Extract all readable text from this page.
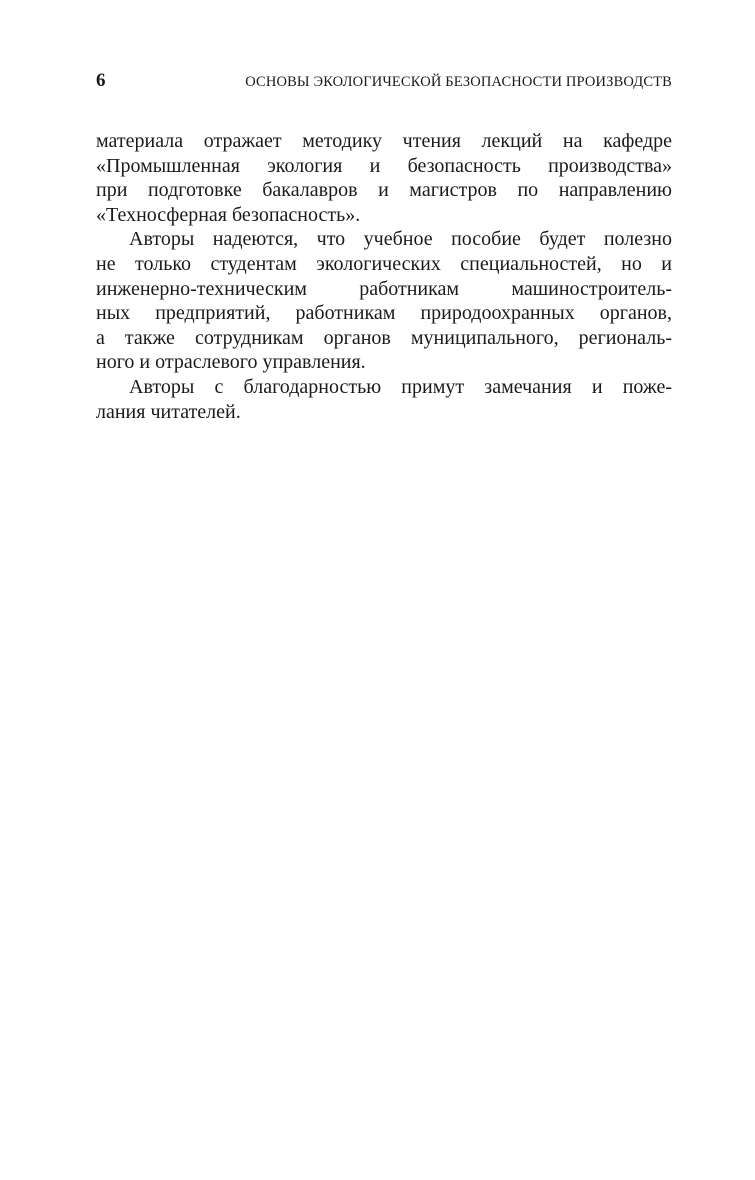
6	ОСНОВЫ ЭКОЛОГИЧЕСКОЙ БЕЗОПАСНОСТИ ПРОИЗВОДСТВ
материала отражает методику чтения лекций на кафедре
«Промышленная экология и безопасность производства»
при подготовке бакалавров и магистров по направлению
«Техносферная безопасность».
Авторы надеются, что учебное пособие будет полезно
не только студентам экологических специальностей, но и
инженерно-техническим работникам машиностроитель-
ных предприятий, работникам природоохранных органов,
а также сотрудникам органов муниципального, региональ-
ного и отраслевого управления.
Авторы с благодарностью примут замечания и поже-
лания читателей.
